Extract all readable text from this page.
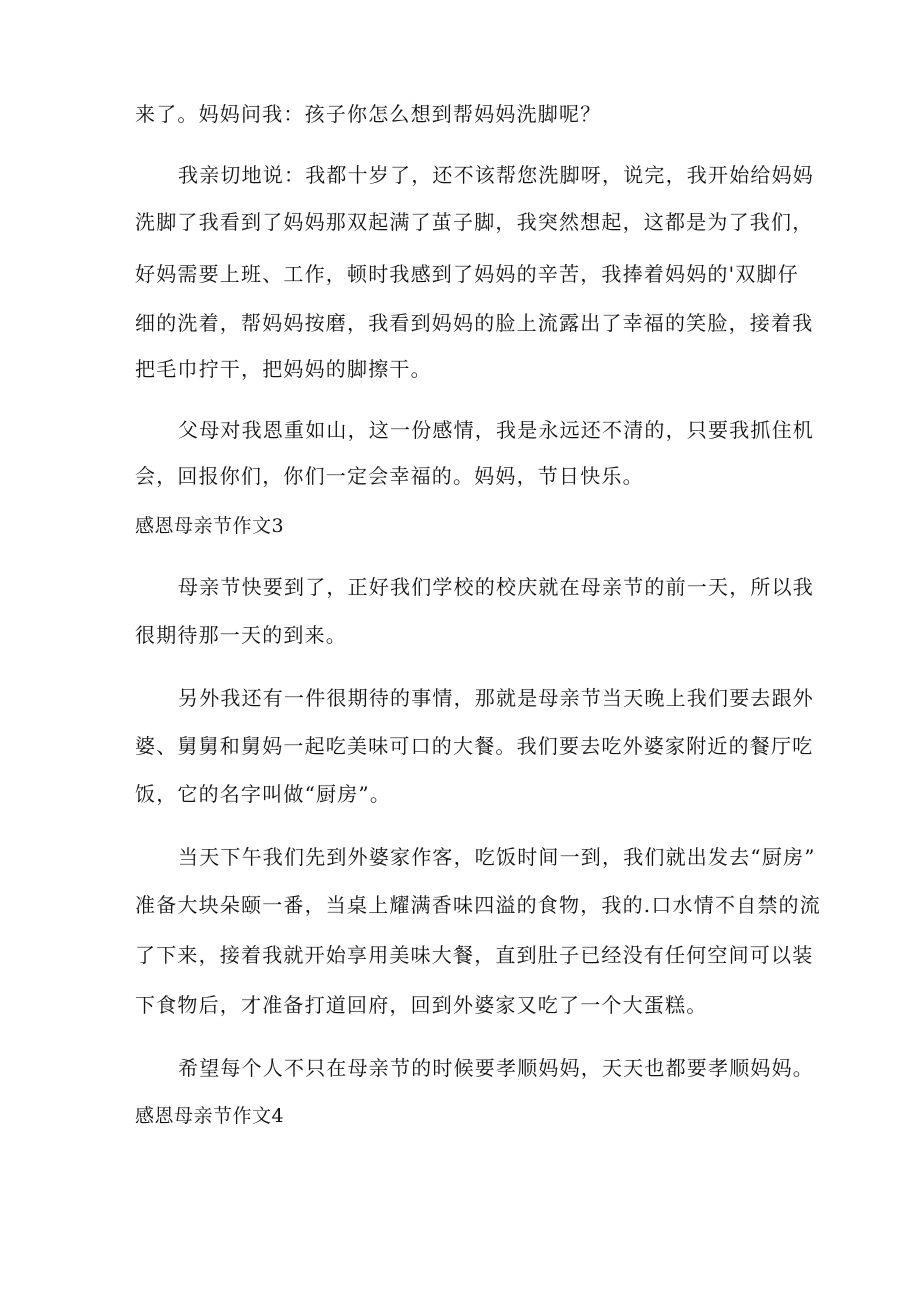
来了。妈妈问我：孩子你怎么想到帮妈妈洗脚呢？
我亲切地说：我都十岁了，还不该帮您洗脚呀，说完，我开始给妈妈
洗脚了我看到了妈妈那双起满了茧子脚，我突然想起，这都是为了我们，
好妈需要上班、工作，顿时我感到了妈妈的辛苦，我捧着妈妈的'双脚仔
细的洗着，帮妈妈按磨，我看到妈妈的脸上流露出了幸福的笑脸，接着我
把毛巾拧干，把妈妈的脚擦干。
父母对我恩重如山，这一份感情，我是永远还不清的，只要我抓住机
会，回报你们，你们一定会幸福的。妈妈，节日快乐。
感恩母亲节作文3
母亲节快要到了，正好我们学校的校庆就在母亲节的前一天，所以我
很期待那一天的到来。
另外我还有一件很期待的事情，那就是母亲节当天晚上我们要去跟外
婆、舅舅和舅妈一起吃美味可口的大餐。我们要去吃外婆家附近的餐厅吃
饭，它的名字叫做“厨房”。
当天下午我们先到外婆家作客，吃饭时间一到，我们就出发去“厨房”
准备大块朵颐一番，当桌上耀满香味四溢的食物，我的.口水情不自禁的流
了下来，接着我就开始享用美味大餐，直到肚子已经没有任何空间可以装
下食物后，才准备打道回府，回到外婆家又吃了一个大蛋糕。
希望每个人不只在母亲节的时候要孝顺妈妈，天天也都要孝顺妈妈。
感恩母亲节作文4
